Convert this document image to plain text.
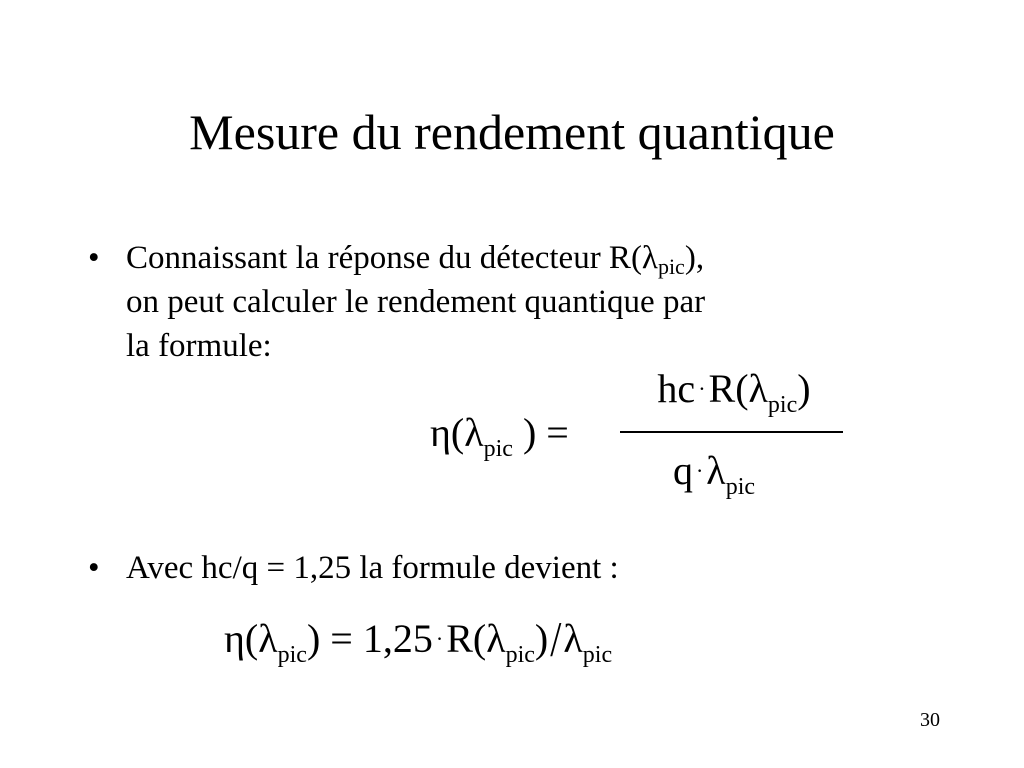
Mesure du rendement quantique
• Connaissant la réponse du détecteur $R(\lambda_{pic})$,
on peut calculer le rendement quantique par
la formule:
$\eta(\lambda_{pic}$ ) =
hc $\cdot R(\lambda_{pic})$
$q \cdot\lambda_{pic}$
• Avec hc/q = 1,25 la formule devient :
$\eta(\lambda_{pic}) = 1,25 \cdot R(\lambda_{pic})/\lambda_{pic}$
30
